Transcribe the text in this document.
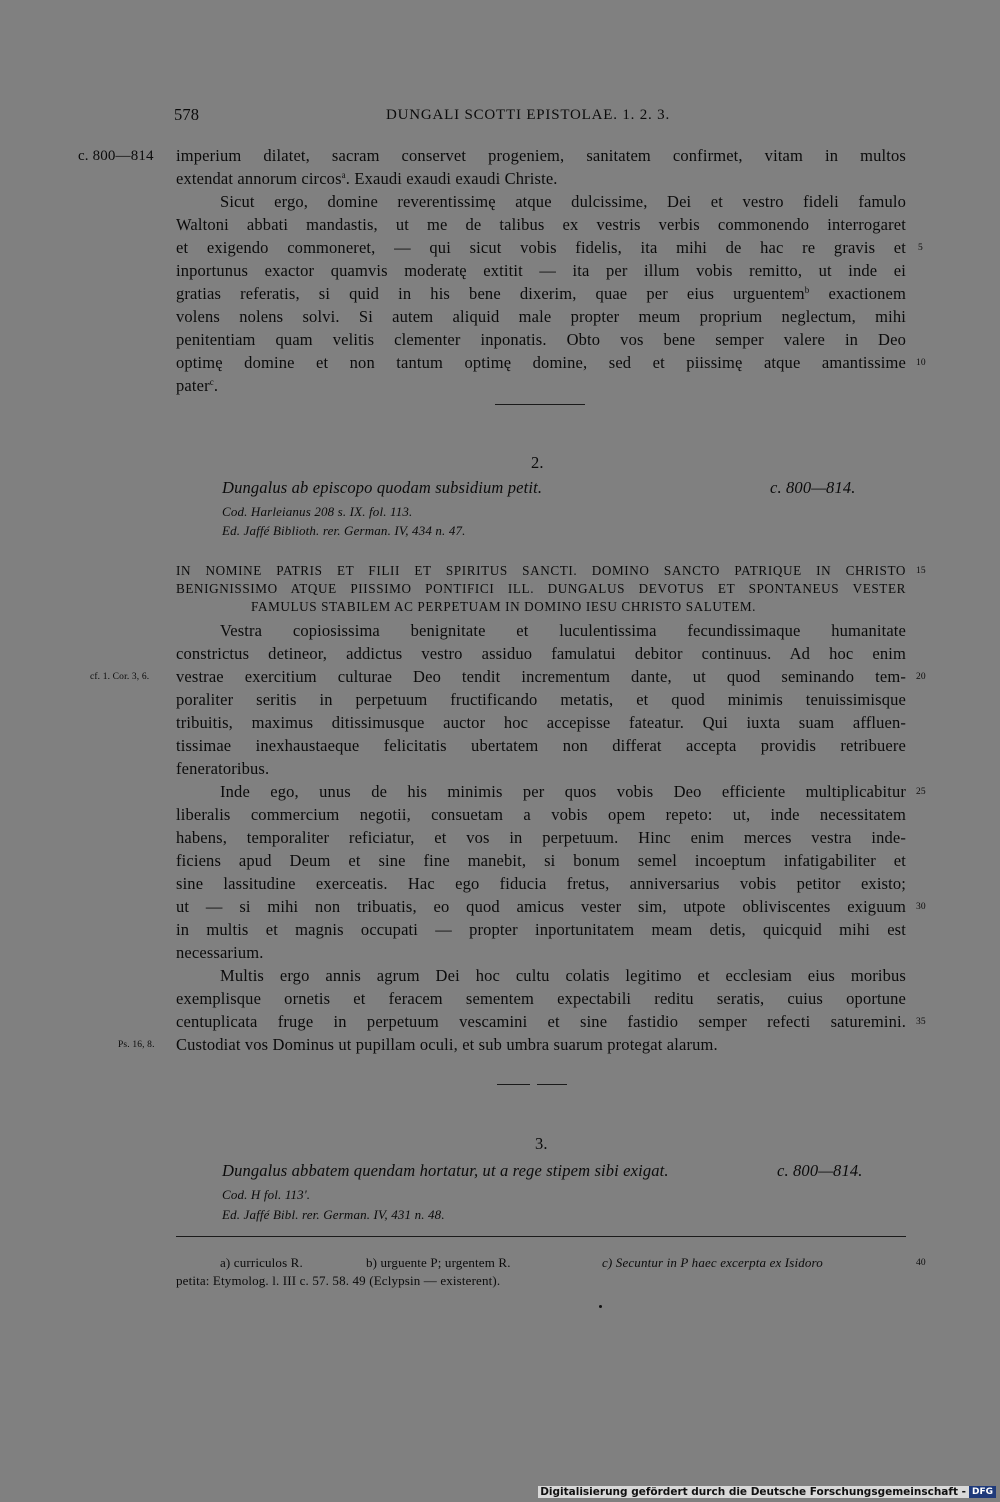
578	DUNGALI SCOTTI EPISTOLAE. 1. 2. 3.
c. 800—814 imperium dilatet, sacram conservet progeniem, sanitatem confirmet, vitam in multos
extendat annorum circos$^a$. Exaudi exaudi exaudi Christe.
Sicut ergo, domine reverentissimę atque dulcissime, Dei et vestro fideli famulo
Waltoni abbati mandastis, ut me de talibus ex vestris verbis commonendo interrogaret
et exigendo commoneret, — qui sicut vobis fidelis, ita mihi de hac re gravis et 5
inportunus exactor quamvis moderatę extitit — ita per illum vobis remitto, ut inde ei
gratias referatis, si quid in his bene dixerim, quae per eius urguentem$^b$ exactionem
volens nolens solvi. Si autem aliquid male propter meum proprium neglectum, mihi
penitentiam quam velitis clementer inponatis. Obto vos bene semper valere in Deo
optimę domine et non tantum optimę domine, sed et piissimę atque amantissime 10
pater$^c$.
2.
Dungalus ab episcopo quodam subsidium petit.	c. 800—814.
Cod. Harleianus 208 s. IX. fol. 113.
Ed. Jaffé Biblioth. rer. German. IV, 434 n. 47.
IN NOMINE PATRIS ET FILII ET SPIRITUS SANCTI. DOMINO SANCTO PATRIQUE IN CHRISTO 15
BENIGNISSIMO ATQUE PIISSIMO PONTIFICI ILL. DUNGALUS DEVOTUS ET SPONTANEUS VESTER
FAMULUS STABILEM AC PERPETUAM IN DOMINO IESU CHRISTO SALUTEM.
Vestra copiosissima benignitate et luculentissima fecundissimaque humanitate
constrictus detineor, addictus vestro assiduo famulatui debitor continuus. Ad hoc enim
cf. 1. Cor. 3, 6. vestrae exercitium culturae Deo tendit incrementum dante, ut quod seminando tem- 20
poraliter seritis in perpetuum fructificando metatis, et quod minimis tenuissimisque
tribuitis, maximus ditissimusque auctor hoc accepisse fateatur. Qui iuxta suam affluen-
tissimae inexhaustaeque felicitatis ubertatem non differat accepta providis retribuere
feneratoribus.
Inde ego, unus de his minimis per quos vobis Deo efficiente multiplicabitur 25
liberalis commercium negotii, consuetam a vobis opem repeto: ut, inde necessitatem
habens, temporaliter reficiatur, et vos in perpetuum. Hinc enim merces vestra inde-
ficiens apud Deum et sine fine manebit, si bonum semel incoeptum infatigabiliter et
sine lassitudine exerceatis. Hac ego fiducia fretus, anniversarius vobis petitor existo;
ut — si mihi non tribuatis, eo quod amicus vester sim, utpote obliviscentes exiguum 30
in multis et magnis occupati — propter inportunitatem meam detis, quicquid mihi est
necessarium.
Multis ergo annis agrum Dei hoc cultu colatis legitimo et ecclesiam eius moribus
exemplisque ornetis et feracem sementem expectabili reditu seratis, cuius oportune
centuplicata fruge in perpetuum vescamini et sine fastidio semper refecti saturemini. 35
Ps. 16, 8. Custodiat vos Dominus ut pupillam oculi, et sub umbra suarum protegat alarum.
3.
Dungalus abbatem quendam hortatur, ut a rege stipem sibi exigat.	c. 800—814.
Cod. H fol. 113'.
Ed. Jaffé Bibl. rer. German. IV, 431 n. 48.
a) curriculos R.	b) urguente P; urgentem R.	c) Secuntur in P haec excerpta ex Isidoro	40
petita: Etymolog. l. III c. 57. 58. 49 (Eclypsin — existerent).
Digitalisierung gefördert durch die Deutsche Forschungsgemeinschaft - DFG
